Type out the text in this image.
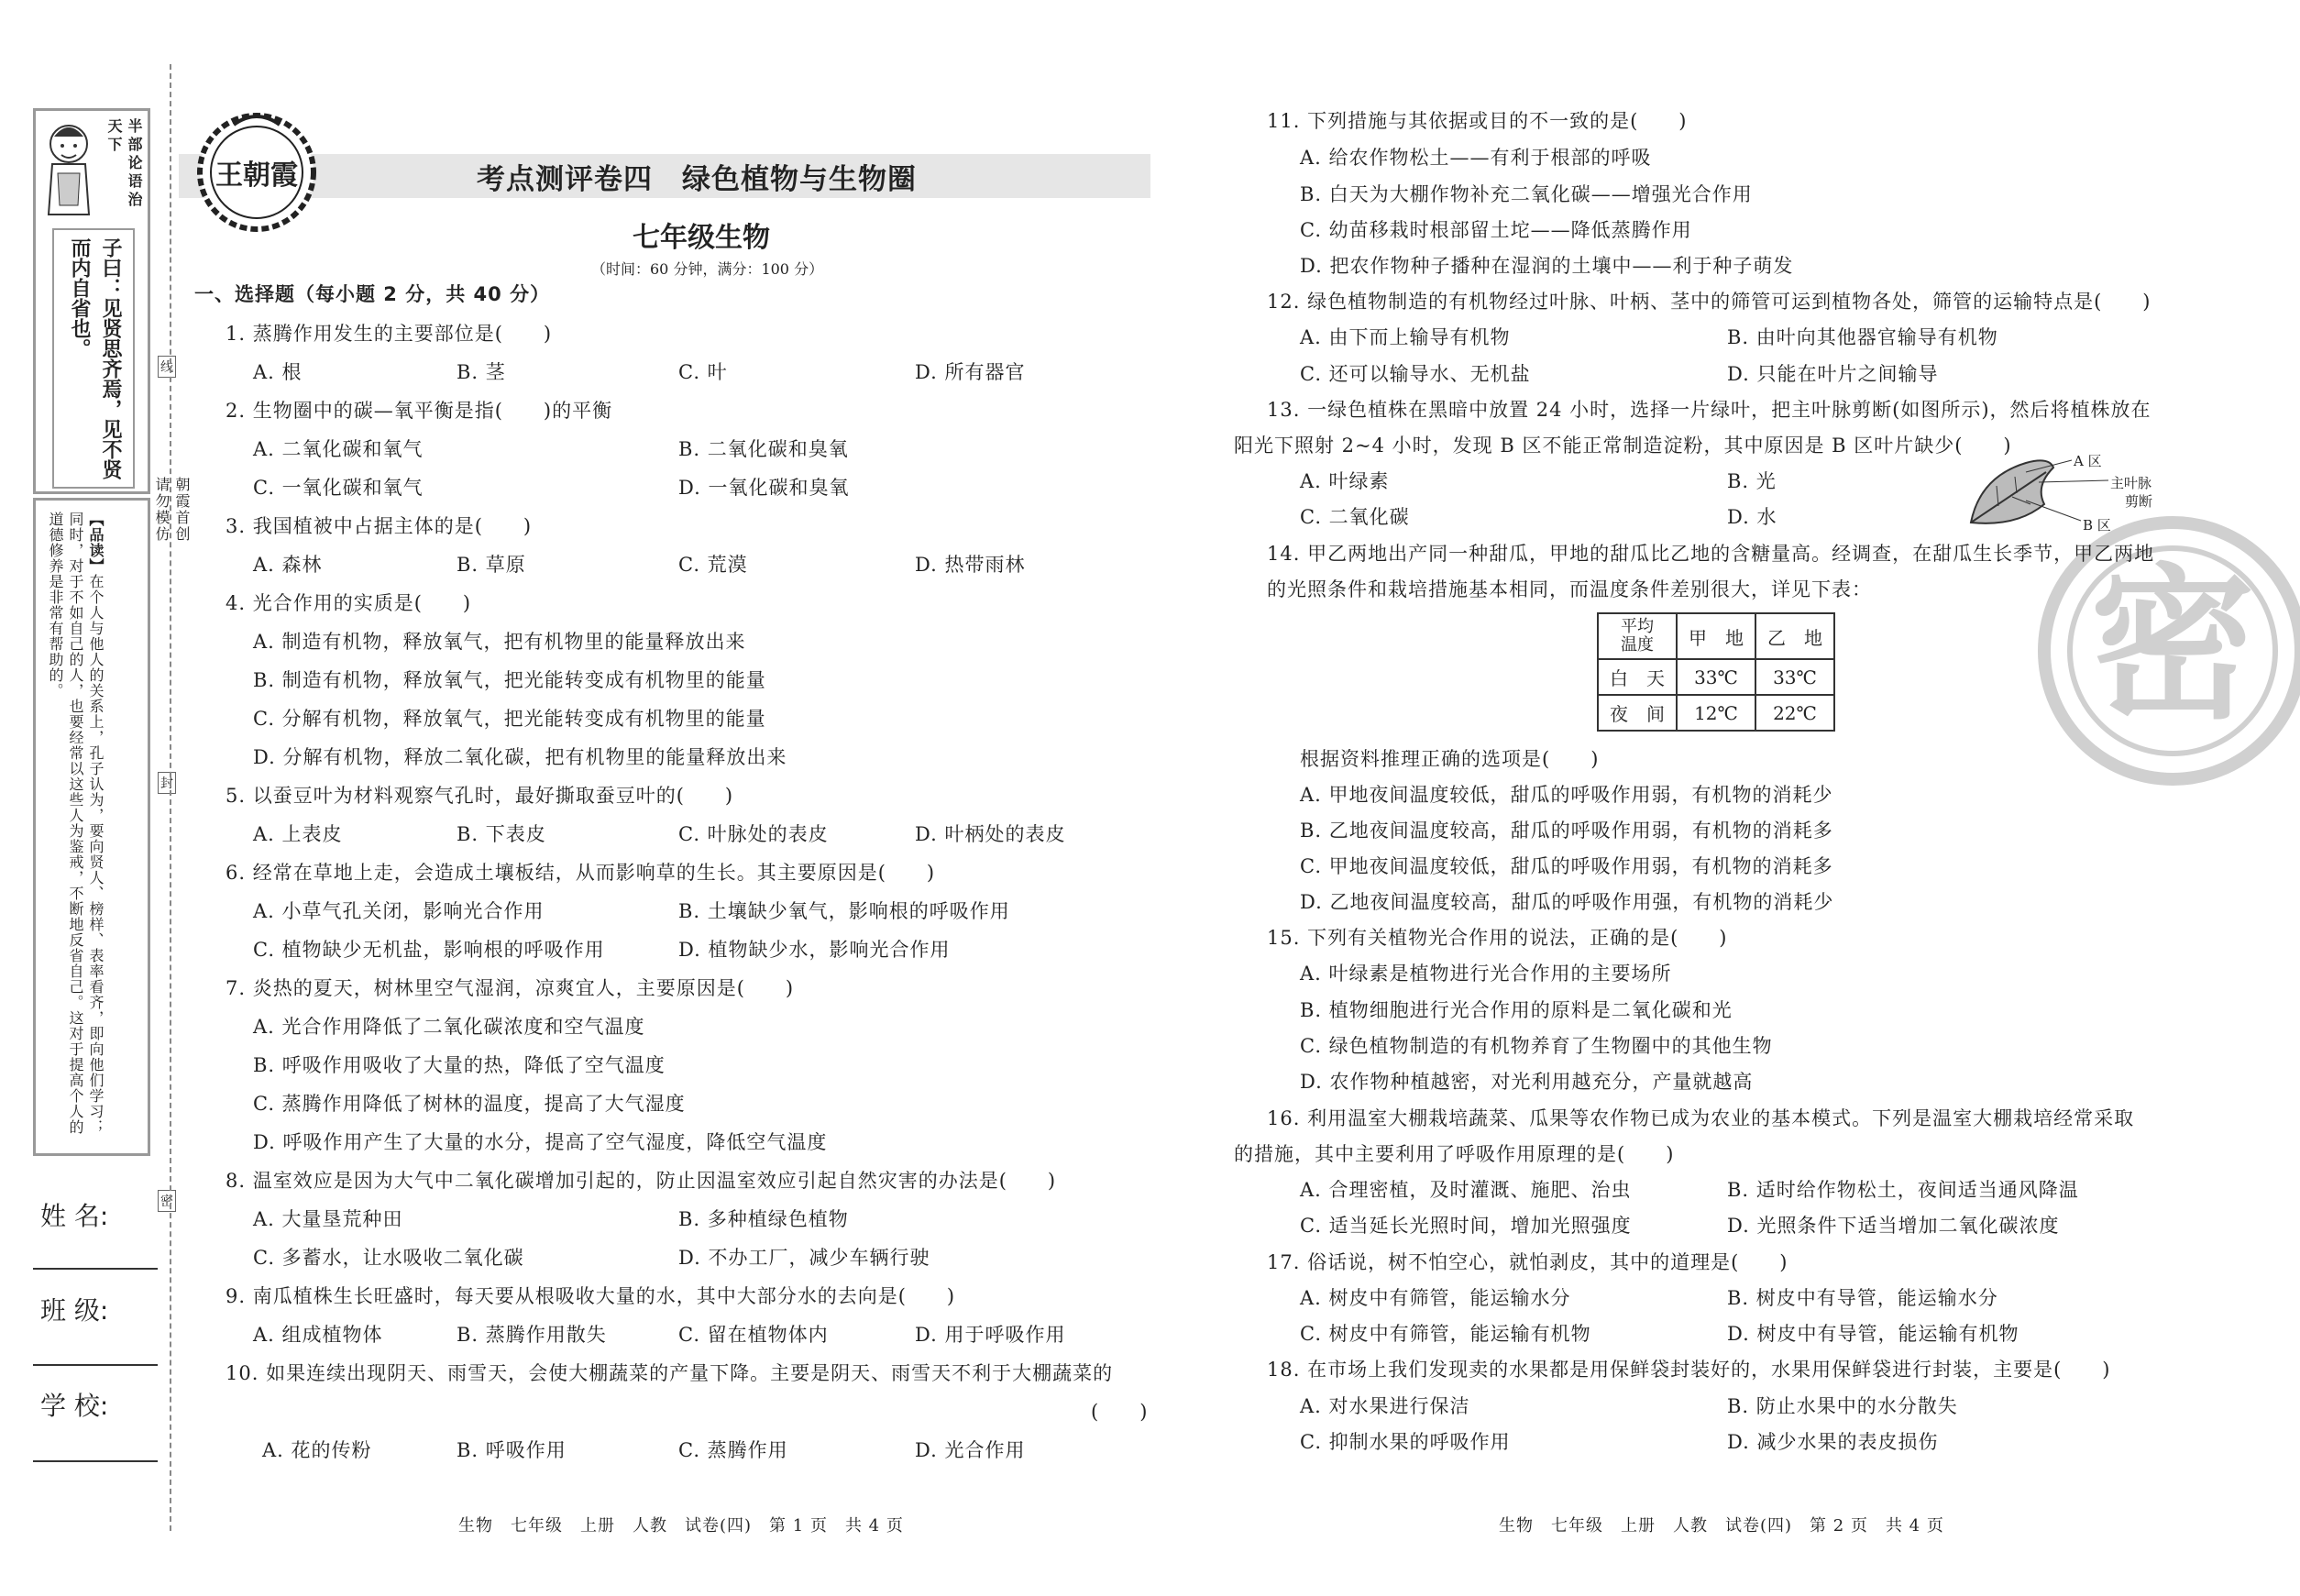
半部论语治天下
子曰：见贤思齐焉，见不贤而内自省也。
【品读】在个人与他人的关系上，孔子认为，要向贤人、榜样、表率看齐，即向他们学习；同时，对于不如自己的人，也要经常以这些人为鉴戒，不断地反省自己。这对于提高个人的道德修养是非常有帮助的。
线
朝霞首创
请勿模仿
封
密
姓 名:
班 级:
学 校:
王朝霞	考点测评卷四　绿色植物与生物圈
七年级生物
（时间：60 分钟，满分：100 分）
一、选择题（每小题 2 分，共 40 分）
1. 蒸腾作用发生的主要部位是(　　)
A. 根	B. 茎	C. 叶	D. 所有器官
2. 生物圈中的碳—氧平衡是指(　　)的平衡
A. 二氧化碳和氧气	B. 二氧化碳和臭氧
C. 一氧化碳和氧气	D. 一氧化碳和臭氧
3. 我国植被中占据主体的是(　　)
A. 森林	B. 草原	C. 荒漠	D. 热带雨林
4. 光合作用的实质是(　　)
A. 制造有机物，释放氧气，把有机物里的能量释放出来
B. 制造有机物，释放氧气，把光能转变成有机物里的能量
C. 分解有机物，释放氧气，把光能转变成有机物里的能量
D. 分解有机物，释放二氧化碳，把有机物里的能量释放出来
5. 以蚕豆叶为材料观察气孔时，最好撕取蚕豆叶的(　　)
A. 上表皮	B. 下表皮	C. 叶脉处的表皮	D. 叶柄处的表皮
6. 经常在草地上走，会造成土壤板结，从而影响草的生长。其主要原因是(　　)
A. 小草气孔关闭，影响光合作用	B. 土壤缺少氧气，影响根的呼吸作用
C. 植物缺少无机盐，影响根的呼吸作用	D. 植物缺少水，影响光合作用
7. 炎热的夏天，树林里空气湿润，凉爽宜人，主要原因是(　　)
A. 光合作用降低了二氧化碳浓度和空气温度
B. 呼吸作用吸收了大量的热，降低了空气温度
C. 蒸腾作用降低了树林的温度，提高了大气湿度
D. 呼吸作用产生了大量的水分，提高了空气湿度，降低空气温度
8. 温室效应是因为大气中二氧化碳增加引起的，防止因温室效应引起自然灾害的办法是(　　)
A. 大量垦荒种田	B. 多种植绿色植物
C. 多蓄水，让水吸收二氧化碳	D. 不办工厂，减少车辆行驶
9. 南瓜植株生长旺盛时，每天要从根吸收大量的水，其中大部分水的去向是(　　)
A. 组成植物体	B. 蒸腾作用散失	C. 留在植物体内	D. 用于呼吸作用
10. 如果连续出现阴天、雨雪天，会使大棚蔬菜的产量下降。主要是阴天、雨雪天不利于大棚蔬菜的
(　　)
A. 花的传粉	B. 呼吸作用	C. 蒸腾作用	D. 光合作用
生物　七年级　上册　人教　试卷(四)　第 1 页　共 4 页
密
11. 下列措施与其依据或目的不一致的是(　　)
A. 给农作物松土——有利于根部的呼吸
B. 白天为大棚作物补充二氧化碳——增强光合作用
C. 幼苗移栽时根部留土坨——降低蒸腾作用
D. 把农作物种子播种在湿润的土壤中——利于种子萌发
12. 绿色植物制造的有机物经过叶脉、叶柄、茎中的筛管可运到植物各处，筛管的运输特点是(　　)
A. 由下而上输导有机物	B. 由叶向其他器官输导有机物
C. 还可以输导水、无机盐	D. 只能在叶片之间输导
13. 一绿色植株在黑暗中放置 24 小时，选择一片绿叶，把主叶脉剪断(如图所示)，然后将植株放在
阳光下照射 2~4 小时，发现 B 区不能正常制造淀粉，其中原因是 B 区叶片缺少(　　)
A. 叶绿素	B. 光
C. 二氧化碳	D. 水
A 区
主叶脉
剪断
B 区
14. 甲乙两地出产同一种甜瓜，甲地的甜瓜比乙地的含糖量高。经调查，在甜瓜生长季节，甲乙两地
的光照条件和栽培措施基本相同，而温度条件差别很大，详见下表：
平均
温度	甲　地	乙　地
白　天	33℃	33℃
夜　间	12℃	22℃
根据资料推理正确的选项是(　　)
A. 甲地夜间温度较低，甜瓜的呼吸作用弱，有机物的消耗少
B. 乙地夜间温度较高，甜瓜的呼吸作用弱，有机物的消耗多
C. 甲地夜间温度较低，甜瓜的呼吸作用弱，有机物的消耗多
D. 乙地夜间温度较高，甜瓜的呼吸作用强，有机物的消耗少
15. 下列有关植物光合作用的说法，正确的是(　　)
A. 叶绿素是植物进行光合作用的主要场所
B. 植物细胞进行光合作用的原料是二氧化碳和光
C. 绿色植物制造的有机物养育了生物圈中的其他生物
D. 农作物种植越密，对光利用越充分，产量就越高
16. 利用温室大棚栽培蔬菜、瓜果等农作物已成为农业的基本模式。下列是温室大棚栽培经常采取
的措施，其中主要利用了呼吸作用原理的是(　　)
A. 合理密植，及时灌溉、施肥、治虫	B. 适时给作物松土，夜间适当通风降温
C. 适当延长光照时间，增加光照强度	D. 光照条件下适当增加二氧化碳浓度
17. 俗话说，树不怕空心，就怕剥皮，其中的道理是(　　)
A. 树皮中有筛管，能运输水分	B. 树皮中有导管，能运输水分
C. 树皮中有筛管，能运输有机物	D. 树皮中有导管，能运输有机物
18. 在市场上我们发现卖的水果都是用保鲜袋封装好的，水果用保鲜袋进行封装，主要是(　　)
A. 对水果进行保洁	B. 防止水果中的水分散失
C. 抑制水果的呼吸作用	D. 减少水果的表皮损伤
生物　七年级　上册　人教　试卷(四)　第 2 页　共 4 页
